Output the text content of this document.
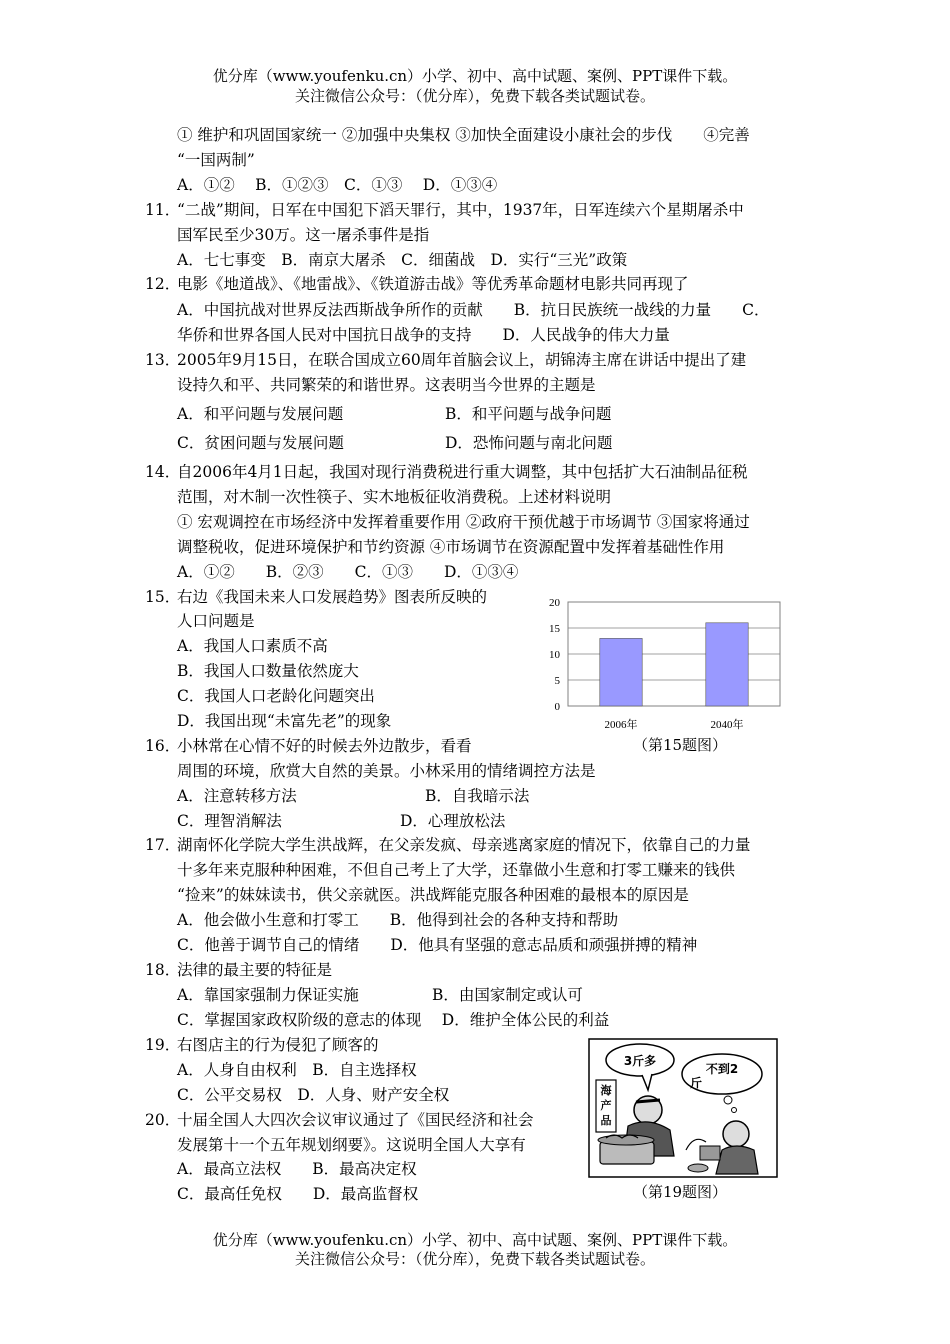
优分库（www.youfenku.cn）小学、初中、高中试题、案例、PPT课件下载。
关注微信公众号：（优分库），免费下载各类试题试卷。
① 维护和巩固国家统一 ②加强中央集权 ③加快全面建设小康社会的步伐　　④完善
“一国两制”
A．①②　 B．①②③　C．①③　 D．①③④
11．
“二战”期间，日军在中国犯下滔天罪行，其中，1937年，日军连续六个星期屠杀中
国军民至少30万。这一屠杀事件是指
A．七七事变　B．南京大屠杀　C．细菌战　D．实行“三光”政策
12．
电影《地道战》、《地雷战》、《铁道游击战》等优秀革命题材电影共同再现了
A．中国抗战对世界反法西斯战争所作的贡献　　B．抗日民族统一战线的力量　　C．
华侨和世界各国人民对中国抗日战争的支持　　D．人民战争的伟大力量
13．
2005年9月15日，在联合国成立60周年首脑会议上，胡锦涛主席在讲话中提出了建
设持久和平、共同繁荣的和谐世界。这表明当今世界的主题是
A．和平问题与发展问题	B．和平问题与战争问题
C．贫困问题与发展问题	D．恐怖问题与南北问题
14．
自2006年4月1日起，我国对现行消费税进行重大调整，其中包括扩大石油制品征税
范围，对木制一次性筷子、实木地板征收消费税。上述材料说明
① 宏观调控在市场经济中发挥着重要作用 ②政府干预优越于市场调节 ③国家将通过
调整税收，促进环境保护和节约资源 ④市场调节在资源配置中发挥着基础性作用
A．①②　　B．②③　　C．①③　　D．①③④
15．
右边《我国未来人口发展趋势》图表所反映的
人口问题是
A．我国人口素质不高
B．我国人口数量依然庞大
C．我国人口老龄化问题突出
D．我国出现“未富先老”的现象
0
5
10
15
20
2006年	2040年
（第15题图）
16．
小林常在心情不好的时候去外边散步，看看
周围的环境，欣赏大自然的美景。小林采用的情绪调控方法是
A．注意转移方法	B．自我暗示法
C．理智消解法	D．心理放松法
17．
湖南怀化学院大学生洪战辉，在父亲发疯、母亲逃离家庭的情况下，依靠自己的力量
十多年来克服种种困难，不但自己考上了大学，还靠做小生意和打零工赚来的钱供
“捡来”的妹妹读书，供父亲就医。洪战辉能克服各种困难的最根本的原因是
A．他会做小生意和打零工　　B．他得到社会的各种支持和帮助
C．他善于调节自己的情绪　　D．他具有坚强的意志品质和顽强拼搏的精神
18．
法律的最主要的特征是
A．靠国家强制力保证实施	B．由国家制定或认可
C．掌握国家政权阶级的意志的体现　 D．维护全体公民的利益
19．
右图店主的行为侵犯了顾客的
A．人身自由权利　B．自主选择权
C．公平交易权　D．人身、财产安全权
3斤多
不到2
斤
海产品
（第19题图）
20．
十届全国人大四次会议审议通过了《国民经济和社会
发展第十一个五年规划纲要》。这说明全国人大享有
A．最高立法权　　B．最高决定权
C．最高任免权　　D．最高监督权
优分库（www.youfenku.cn）小学、初中、高中试题、案例、PPT课件下载。
关注微信公众号：（优分库），免费下载各类试题试卷。
